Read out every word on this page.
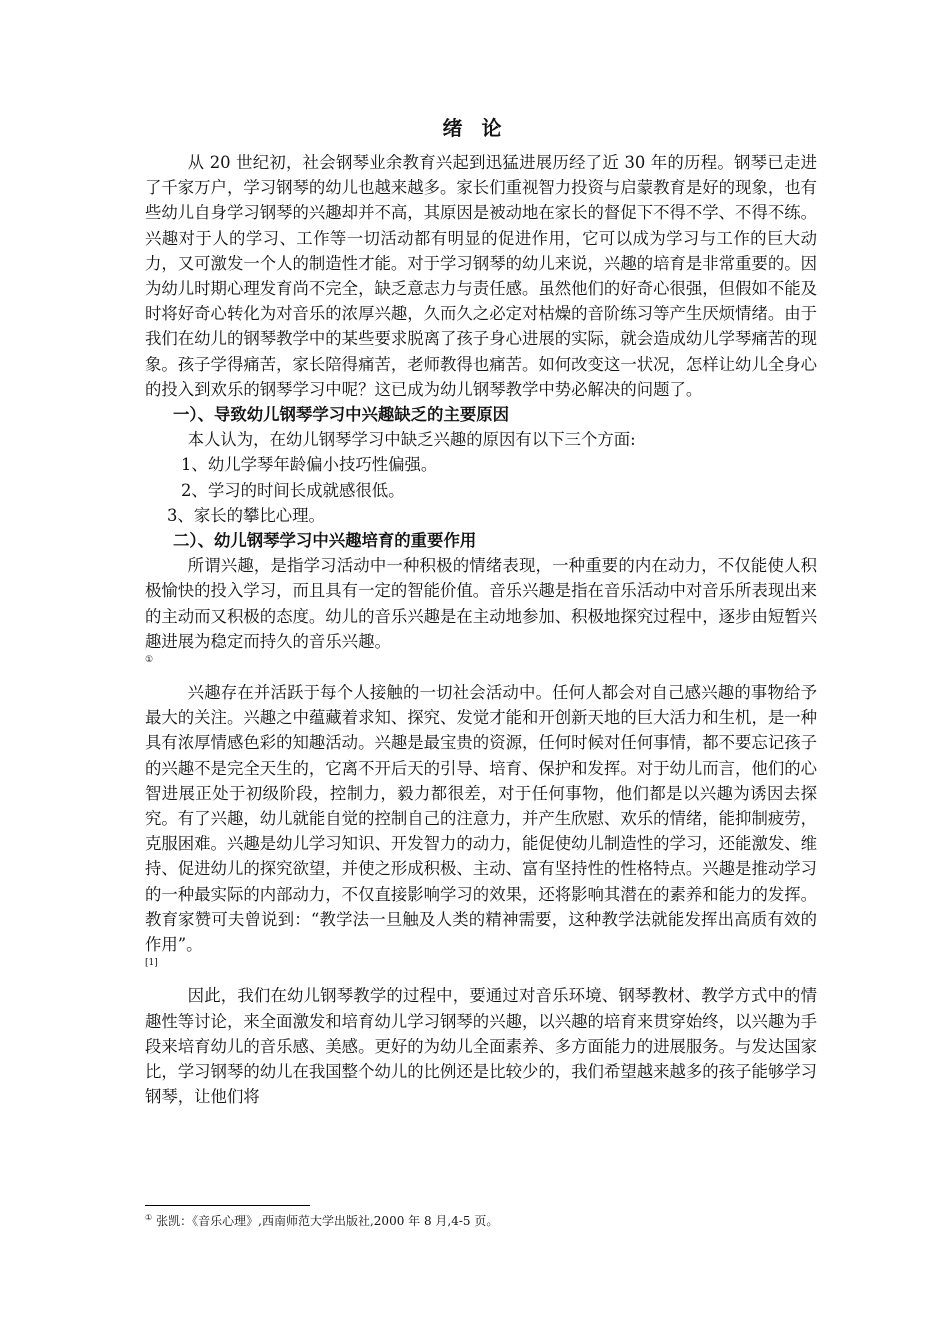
绪 论

从 20 世纪初，社会钢琴业余教育兴起到迅猛进展历经了近 30 年的历程。钢琴已走进了千家万户，学习钢琴的幼儿也越来越多。家长们重视智力投资与启蒙教育是好的现象，也有些幼儿自身学习钢琴的兴趣却并不高，其原因是被动地在家长的督促下不得不学、不得不练。兴趣对于人的学习、工作等一切活动都有明显的促进作用，它可以成为学习与工作的巨大动力，又可激发一个人的制造性才能。对于学习钢琴的幼儿来说，兴趣的培育是非常重要的。因为幼儿时期心理发育尚不完全，缺乏意志力与责任感。虽然他们的好奇心很强，但假如不能及时将好奇心转化为对音乐的浓厚兴趣，久而久之必定对枯燥的音阶练习等产生厌烦情绪。由于我们在幼儿的钢琴教学中的某些要求脱离了孩子身心进展的实际，就会造成幼儿学琴痛苦的现象。孩子学得痛苦，家长陪得痛苦，老师教得也痛苦。如何改变这一状况，怎样让幼儿全身心的投入到欢乐的钢琴学习中呢？这已成为幼儿钢琴教学中势必解决的问题了。

一）、导致幼儿钢琴学习中兴趣缺乏的主要原因

本人认为，在幼儿钢琴学习中缺乏兴趣的原因有以下三个方面:

1、幼儿学琴年龄偏小技巧性偏强。

2、学习的时间长成就感很低。

3、家长的攀比心理。

二）、幼儿钢琴学习中兴趣培育的重要作用

所谓兴趣，是指学习活动中一种积极的情绪表现，一种重要的内在动力，不仅能使人积极愉快的投入学习，而且具有一定的智能价值。音乐兴趣是指在音乐活动中对音乐所表现出来的主动而又积极的态度。幼儿的音乐兴趣是在主动地参加、积极地探究过程中，逐步由短暂兴趣进展为稳定而持久的音乐兴趣。

①

兴趣存在并活跃于每个人接触的一切社会活动中。任何人都会对自己感兴趣的事物给予最大的关注。兴趣之中蕴藏着求知、探究、发觉才能和开创新天地的巨大活力和生机，是一种具有浓厚情感色彩的知趣活动。兴趣是最宝贵的资源，任何时候对任何事情，都不要忘记孩子的兴趣不是完全天生的，它离不开后天的引导、培育、保护和发挥。对于幼儿而言，他们的心智进展正处于初级阶段，控制力，毅力都很差，对于任何事物，他们都是以兴趣为诱因去探究。有了兴趣，幼儿就能自觉的控制自己的注意力，并产生欣慰、欢乐的情绪，能抑制疲劳，克服困难。兴趣是幼儿学习知识、开发智力的动力，能促使幼儿制造性的学习，还能激发、维持、促进幼儿的探究欲望，并使之形成积极、主动、富有坚持性的性格特点。兴趣是推动学习的一种最实际的内部动力，不仅直接影响学习的效果，还将影响其潜在的素养和能力的发挥。教育家赞可夫曾说到：“教学法一旦触及人类的精神需要，这种教学法就能发挥出高质有效的作用”。

[1]

因此，我们在幼儿钢琴教学的过程中，要通过对音乐环境、钢琴教材、教学方式中的情趣性等讨论，来全面激发和培育幼儿学习钢琴的兴趣，以兴趣的培育来贯穿始终，以兴趣为手段来培育幼儿的音乐感、美感。更好的为幼儿全面素养、多方面能力的进展服务。与发达国家比，学习钢琴的幼儿在我国整个幼儿的比例还是比较少的，我们希望越来越多的孩子能够学习钢琴，让他们将

① 张凯：《音乐心理》,西南师范大学出版社,2000 年 8 月,4-5 页。
